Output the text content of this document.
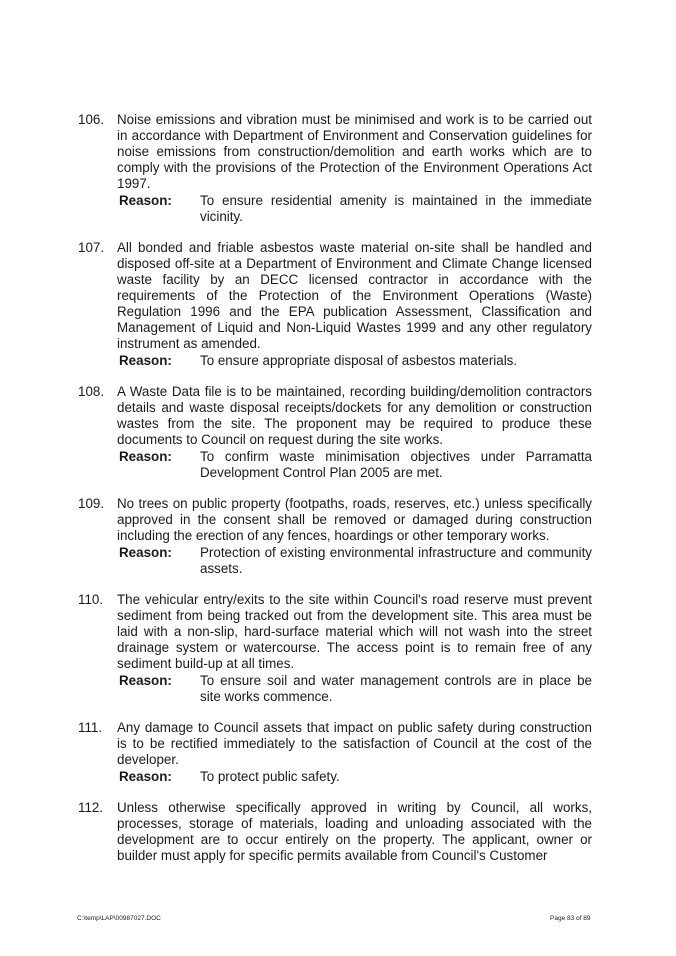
106. Noise emissions and vibration must be minimised and work is to be carried out in accordance with Department of Environment and Conservation guidelines for noise emissions from construction/demolition and earth works which are to comply with the provisions of the Protection of the Environment Operations Act 1997.
Reason: To ensure residential amenity is maintained in the immediate vicinity.
107. All bonded and friable asbestos waste material on-site shall be handled and disposed off-site at a Department of Environment and Climate Change licensed waste facility by an DECC licensed contractor in accordance with the requirements of the Protection of the Environment Operations (Waste) Regulation 1996 and the EPA publication Assessment, Classification and Management of Liquid and Non-Liquid Wastes 1999 and any other regulatory instrument as amended.
Reason: To ensure appropriate disposal of asbestos materials.
108. A Waste Data file is to be maintained, recording building/demolition contractors details and waste disposal receipts/dockets for any demolition or construction wastes from the site. The proponent may be required to produce these documents to Council on request during the site works.
Reason: To confirm waste minimisation objectives under Parramatta Development Control Plan 2005 are met.
109. No trees on public property (footpaths, roads, reserves, etc.) unless specifically approved in the consent shall be removed or damaged during construction including the erection of any fences, hoardings or other temporary works.
Reason: Protection of existing environmental infrastructure and community assets.
110. The vehicular entry/exits to the site within Council's road reserve must prevent sediment from being tracked out from the development site. This area must be laid with a non-slip, hard-surface material which will not wash into the street drainage system or watercourse. The access point is to remain free of any sediment build-up at all times.
Reason: To ensure soil and water management controls are in place be site works commence.
111. Any damage to Council assets that impact on public safety during construction is to be rectified immediately to the satisfaction of Council at the cost of the developer.
Reason: To protect public safety.
112. Unless otherwise specifically approved in writing by Council, all works, processes, storage of materials, loading and unloading associated with the development are to occur entirely on the property. The applicant, owner or builder must apply for specific permits available from Council's Customer
C:\temp\LAP\00987027.DOC	Page 83 of 89
